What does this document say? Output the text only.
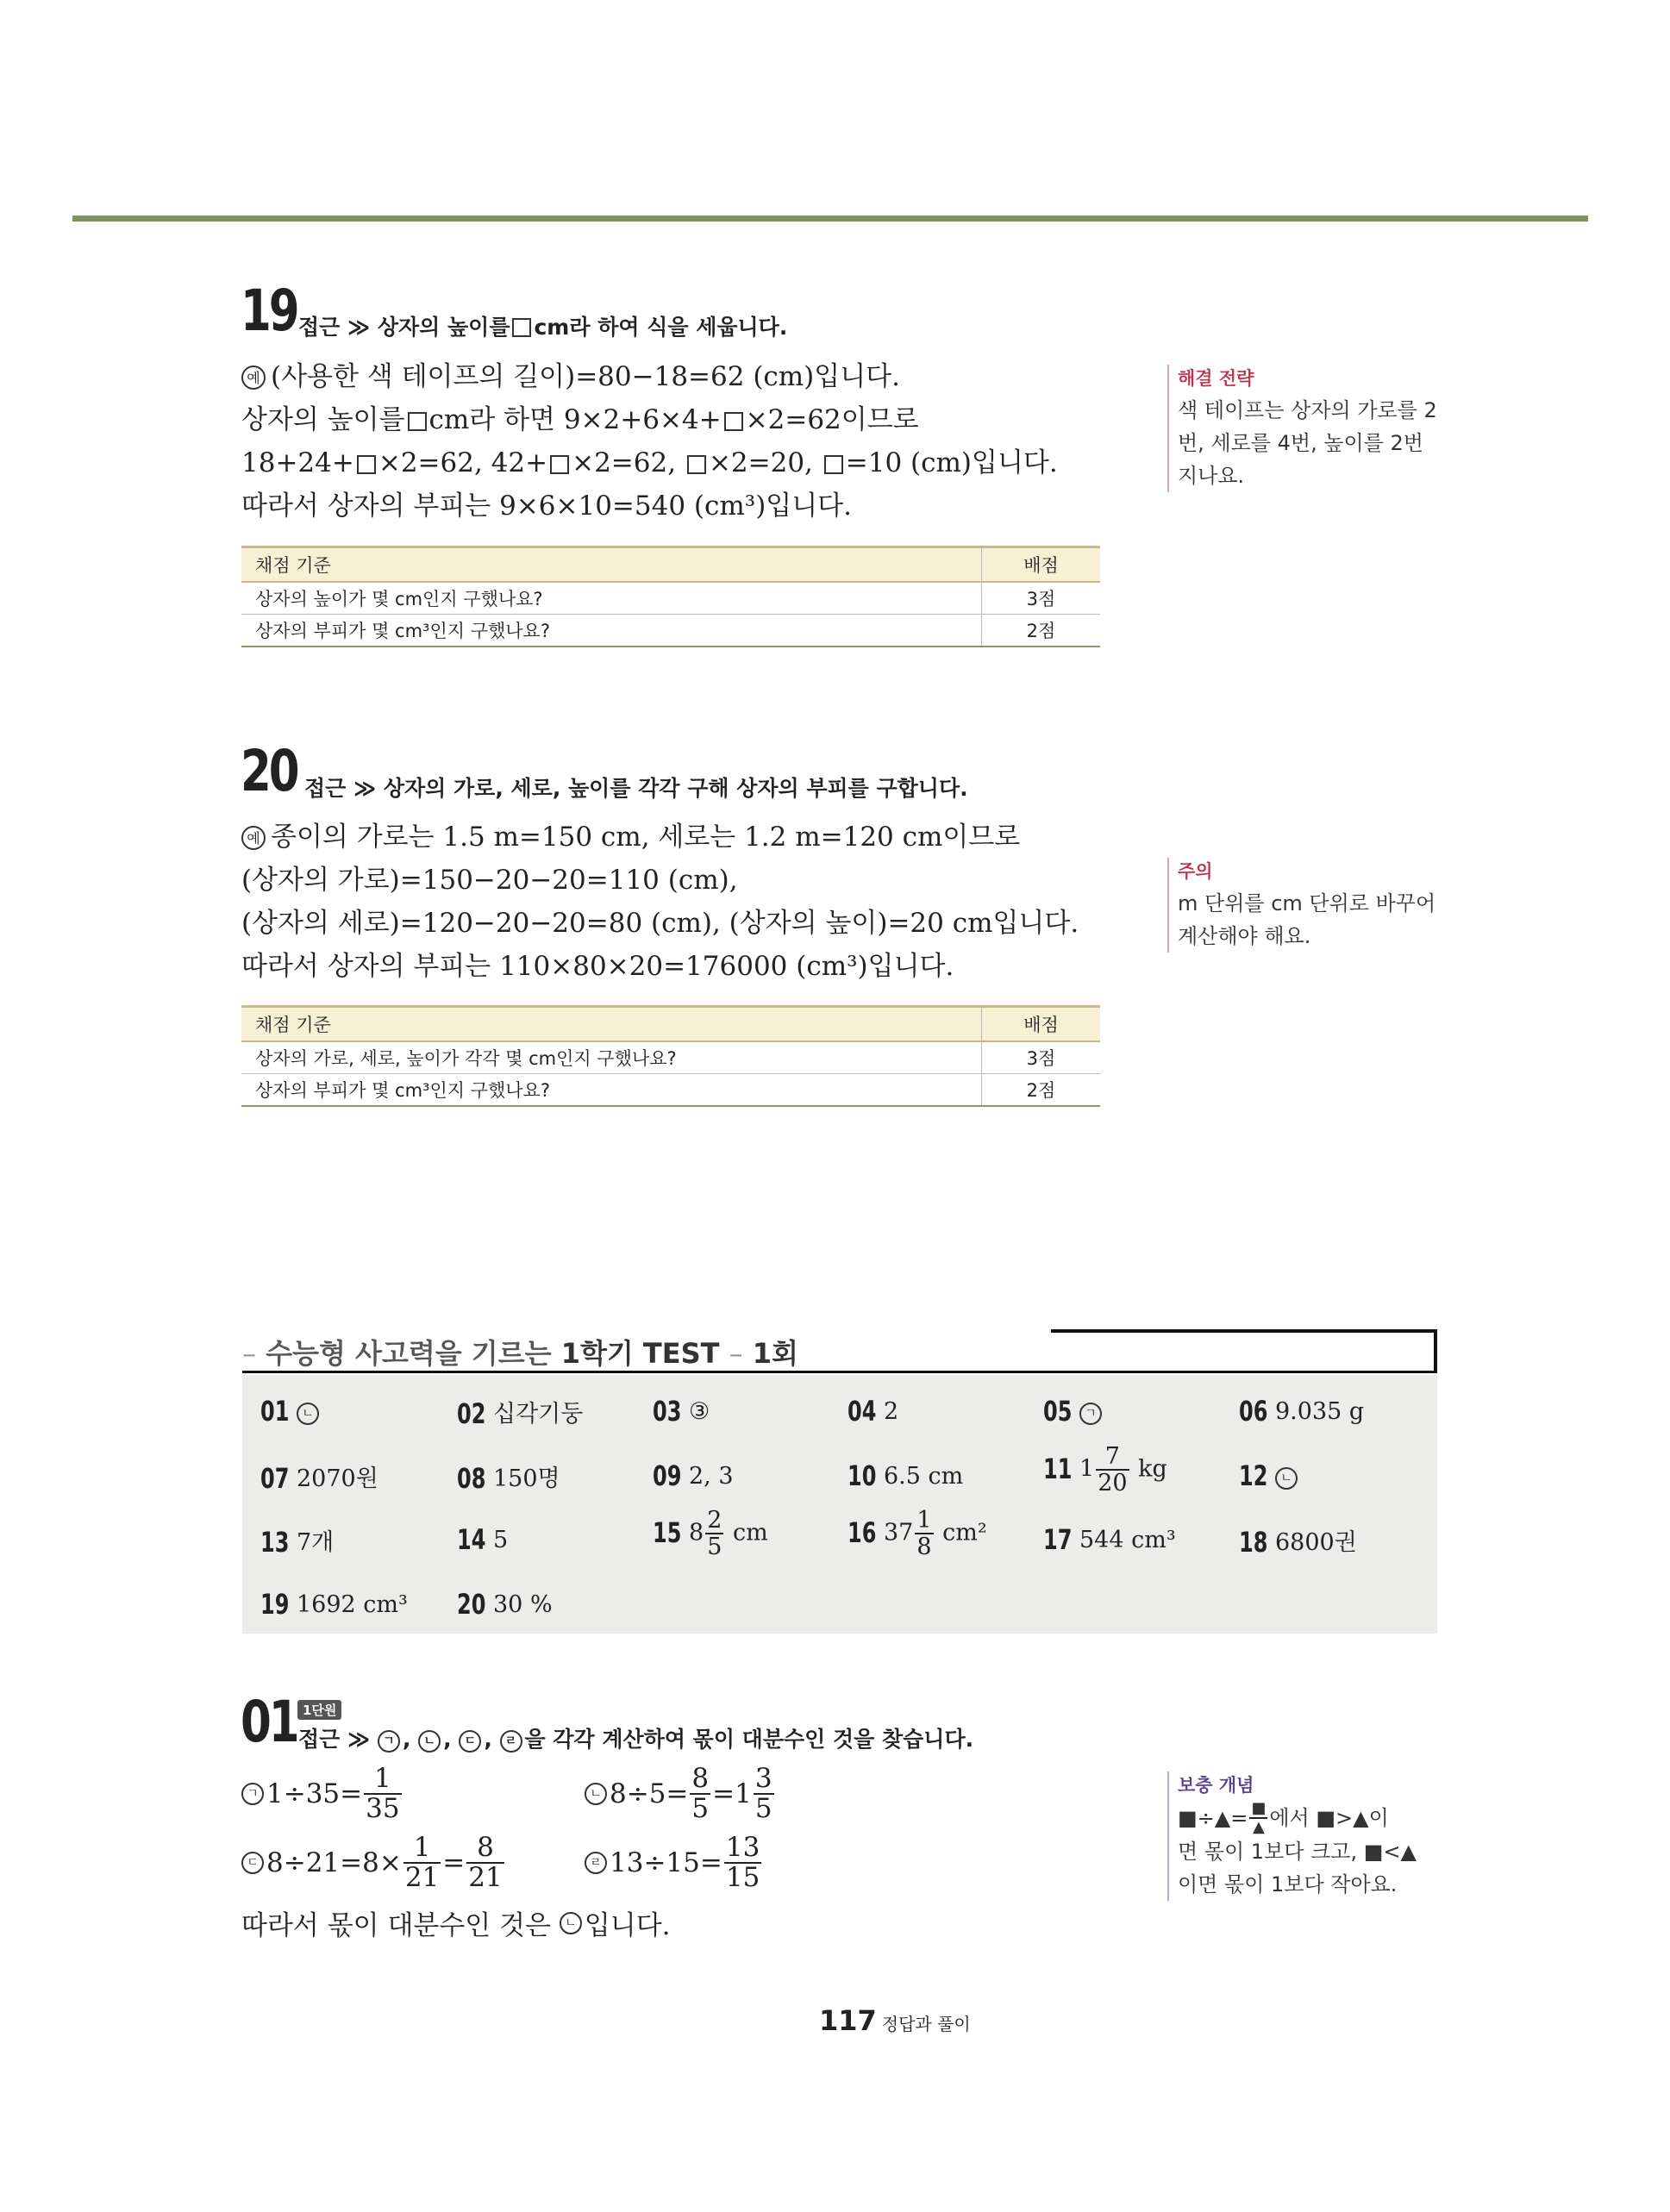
19 접근 ≫ 상자의 높이를 cm라 하여 식을 세웁니다.
예 (사용한 색 테이프의 길이)=80−18=62 (cm)입니다.
상자의 높이를 cm라 하면 9×2+6×4+ ×2=62이므로
18+24+ ×2=62, 42+ ×2=62, ×2=20, =10 (cm)입니다.
따라서 상자의 부피는 9×6×10=540 (cm³)입니다.
채점 기준	배점
상자의 높이가 몇 cm인지 구했나요?	3점
상자의 부피가 몇 cm³인지 구했나요?	2점
해결 전략
색 테이프는 상자의 가로를 2
번, 세로를 4번, 높이를 2번
지나요.
20 접근 ≫ 상자의 가로, 세로, 높이를 각각 구해 상자의 부피를 구합니다.
예 종이의 가로는 1.5 m=150 cm, 세로는 1.2 m=120 cm이므로
(상자의 가로)=150−20−20=110 (cm),
(상자의 세로)=120−20−20=80 (cm), (상자의 높이)=20 cm입니다.
따라서 상자의 부피는 110×80×20=176000 (cm³)입니다.
채점 기준	배점
상자의 가로, 세로, 높이가 각각 몇 cm인지 구했나요?	3점
상자의 부피가 몇 cm³인지 구했나요?	2점
주의
m 단위를 cm 단위로 바꾸어
계산해야 해요.
– 수능형 사고력을 기르는 1학기 TEST – 1회
01 ㄴ	02 십각기둥	03 ③	04 2	05 ㄱ	06 9.035 g
07 2070원	08 150명	09 2, 3	10 6.5 cm	11 $1 \frac{7}{20}$ kg	12 ㄴ
13 7개	14 5	15 $8 \frac{2}{5}$ cm	16 $37 \frac{1}{8} cm^2$ 17 544 cm³ 18 6800권
19 1692 cm³ 20 30 %
01 1단원
접근 ≫ ㄱ , ㄴ , ㄷ , ㄹ 을 각각 계산하여 몫이 대분수인 것을 찾습니다.
ㄱ $1\div 35= \frac{1}{35}$	ㄴ $8\div 5= \frac{8}{5} =1 \frac{3}{5}$
ㄷ $8\div 21=8\times \frac{1}{21} = \frac{8}{21}$	ㄹ $13\div 15= \frac{13}{15}$
따라서 몫이 대분수인 것은
	ㄴ 입니다.
보충 개념
■÷▲= $\frac{■}{▲}$ 에서 ■>▲이
면 몫이 1보다 크고, ■<▲
이면 몫이 1보다 작아요.
117 정답과 풀이
